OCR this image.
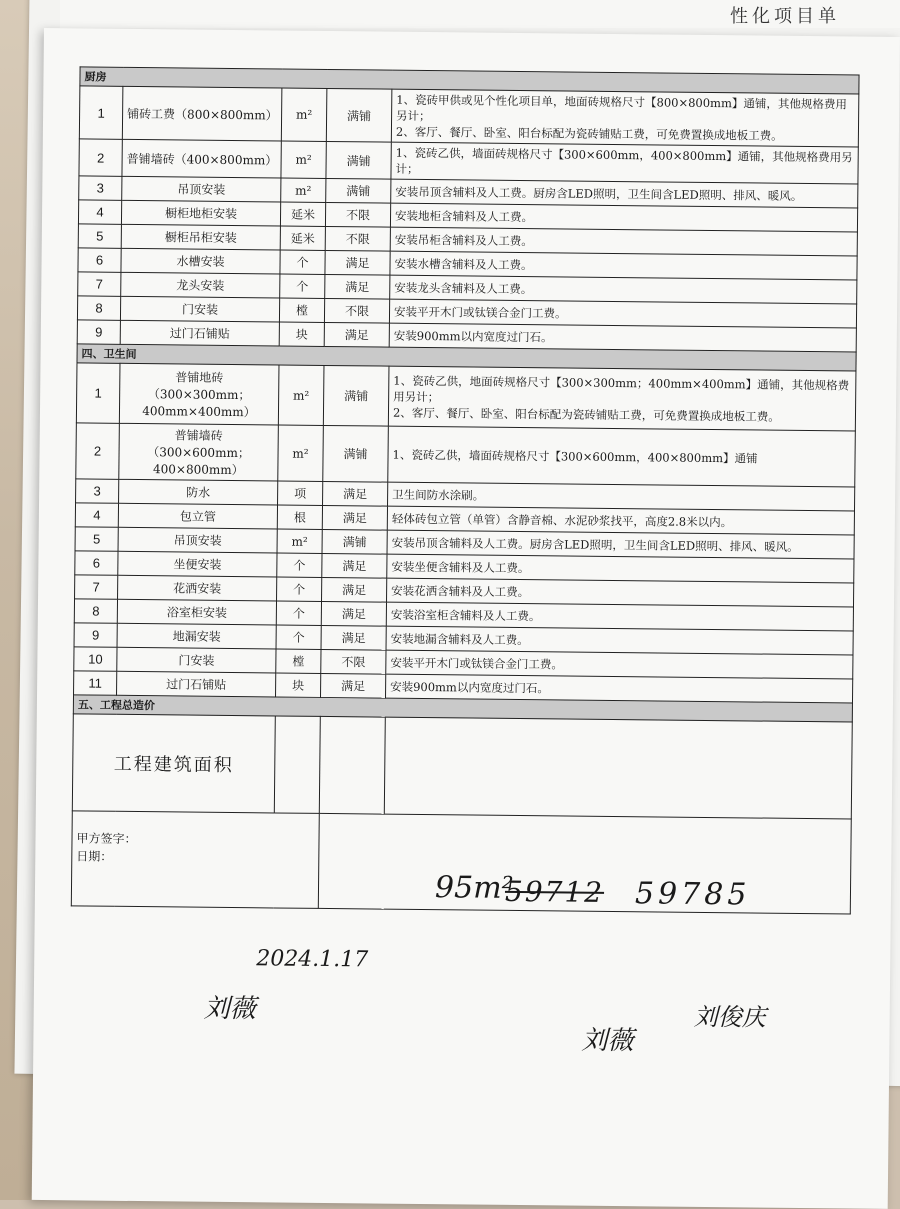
性化项目单
厨房				
1	铺砖工费（800×800mm）	m²	满铺	1、瓷砖甲供或见个性化项目单，地面砖规格尺寸【800×800mm】通铺，其他规格费用另计；
2、客厅、餐厅、卧室、阳台标配为瓷砖铺贴工费，可免费置换成地板工费。
2	普铺墙砖（400×800mm）	m²	满铺	1、瓷砖乙供，墙面砖规格尺寸【300×600mm，400×800mm】通铺，其他规格费用另计；
3	吊顶安装	m²	满铺	安装吊顶含辅料及人工费。厨房含LED照明，卫生间含LED照明、排风、暖风。
4	橱柜地柜安装	延米	不限	安装地柜含辅料及人工费。
5	橱柜吊柜安装	延米	不限	安装吊柜含辅料及人工费。
6	水槽安装	个	满足	安装水槽含辅料及人工费。
7	龙头安装	个	满足	安装龙头含辅料及人工费。
8	门安装	樘	不限	安装平开木门或钛镁合金门工费。
9	过门石铺贴	块	满足	安装900mm以内宽度过门石。
四、卫生间				
1	普铺地砖（300×300mm；400mm×400mm）	m²	满铺	1、瓷砖乙供，地面砖规格尺寸【300×300mm；400mm×400mm】通铺，其他规格费用另计；
2、客厅、餐厅、卧室、阳台标配为瓷砖铺贴工费，可免费置换成地板工费。
2	普铺墙砖（300×600mm；400×800mm）	m²	满铺	1、瓷砖乙供，墙面砖规格尺寸【300×600mm，400×800mm】通铺
3	防水	项	满足	卫生间防水涂刷。
4	包立管	根	满足	轻体砖包立管（单管）含静音棉、水泥砂浆找平，高度2.8米以内。
5	吊顶安装	m²	满铺	安装吊顶含辅料及人工费。厨房含LED照明，卫生间含LED照明、排风、暖风。
6	坐便安装	个	满足	安装坐便含辅料及人工费。
7	花洒安装	个	满足	安装花洒含辅料及人工费。
8	浴室柜安装	个	满足	安装浴室柜含辅料及人工费。
9	地漏安装	个	满足	安装地漏含辅料及人工费。
10	门安装	樘	不限	安装平开木门或钛镁合金门工费。
11	过门石铺贴	块	满足	安装900mm以内宽度过门石。
五、工程总造价				
工程建筑面积				

甲方签字：
日期：				

95m²
59712 59785
2024.1.17
刘薇
刘薇
刘俊庆
